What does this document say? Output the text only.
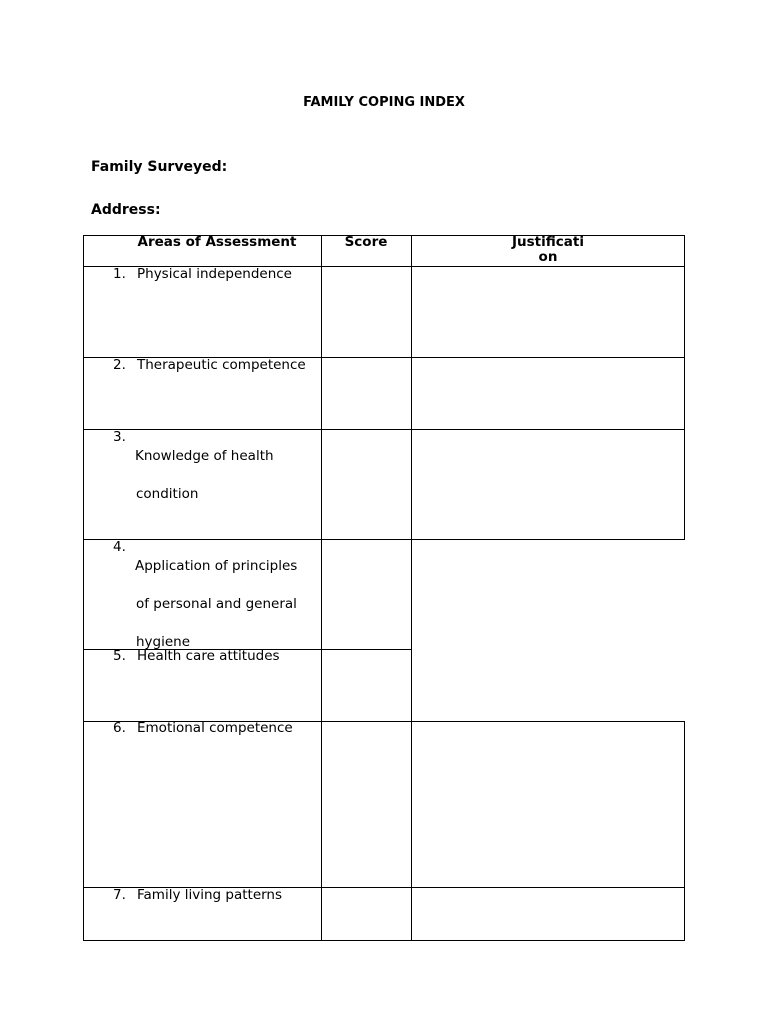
FAMILY COPING INDEX
Family Surveyed:
Address:
Areas of Assessment	Score	Justificati
on
1. Physical independence
2. Therapeutic competence
3.

Knowledge of health

condition

4.

Application of principles

of personal and general

hygiene

5. Health care attitudes
6. Emotional competence
7. Family living patterns
